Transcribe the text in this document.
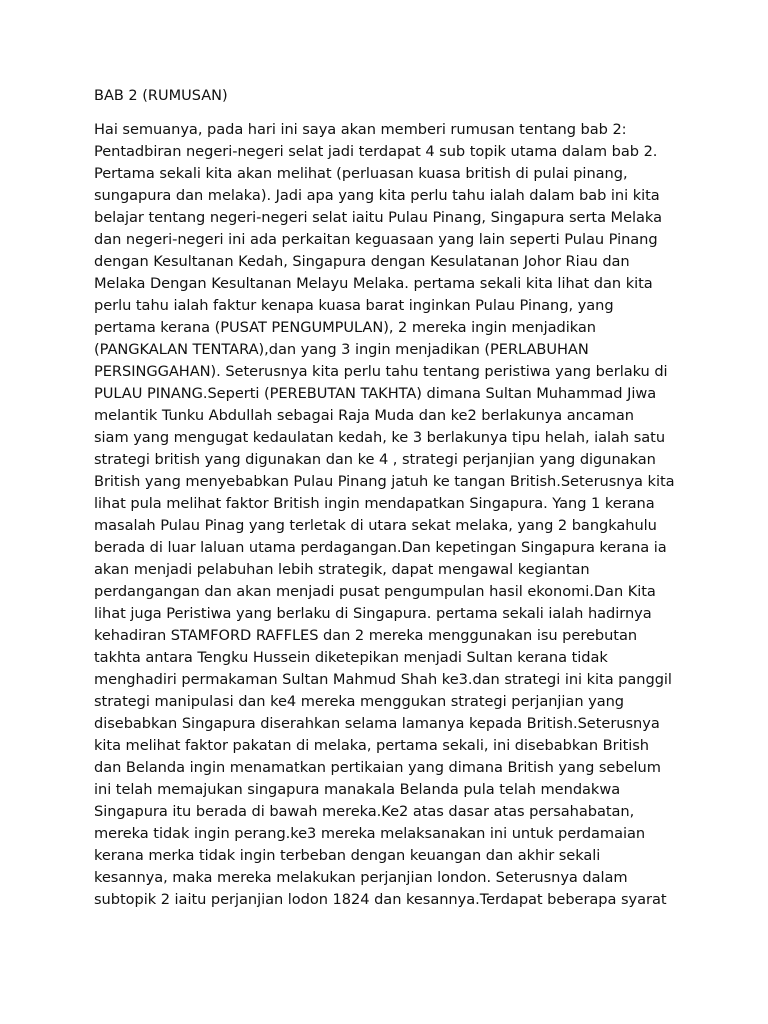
BAB 2 (RUMUSAN)
Hai semuanya, pada hari ini saya akan memberi rumusan tentang bab 2:
Pentadbiran negeri-negeri selat jadi terdapat 4 sub topik utama dalam bab 2.
Pertama sekali kita akan melihat (perluasan kuasa british di pulai pinang,
sungapura dan melaka). Jadi apa yang kita perlu tahu ialah dalam bab ini kita
belajar tentang negeri-negeri selat iaitu Pulau Pinang, Singapura serta Melaka
dan negeri-negeri ini ada perkaitan keguasaan yang lain seperti Pulau Pinang
dengan Kesultanan Kedah, Singapura dengan Kesulatanan Johor Riau dan
Melaka Dengan Kesultanan Melayu Melaka. pertama sekali kita lihat dan kita
perlu tahu ialah faktur kenapa kuasa barat inginkan Pulau Pinang, yang
pertama kerana (PUSAT PENGUMPULAN), 2 mereka ingin menjadikan
(PANGKALAN TENTARA),dan yang 3 ingin menjadikan (PERLABUHAN
PERSINGGAHAN). Seterusnya kita perlu tahu tentang peristiwa yang berlaku di
PULAU PINANG.Seperti (PEREBUTAN TAKHTA) dimana Sultan Muhammad Jiwa
melantik Tunku Abdullah sebagai Raja Muda dan ke2 berlakunya ancaman
siam yang mengugat kedaulatan kedah, ke 3 berlakunya tipu helah, ialah satu
strategi british yang digunakan dan ke 4 , strategi perjanjian yang digunakan
British yang menyebabkan Pulau Pinang jatuh ke tangan British.Seterusnya kita
lihat pula melihat faktor British ingin mendapatkan Singapura. Yang 1 kerana
masalah Pulau Pinag yang terletak di utara sekat melaka, yang 2 bangkahulu
berada di luar laluan utama perdagangan.Dan kepetingan Singapura kerana ia
akan menjadi pelabuhan lebih strategik, dapat mengawal kegiantan
perdangangan dan akan menjadi pusat pengumpulan hasil ekonomi.Dan Kita
lihat juga Peristiwa yang berlaku di Singapura. pertama sekali ialah hadirnya
kehadiran STAMFORD RAFFLES dan 2 mereka menggunakan isu perebutan
takhta antara Tengku Hussein diketepikan menjadi Sultan kerana tidak
menghadiri permakaman Sultan Mahmud Shah ke3.dan strategi ini kita panggil
strategi manipulasi dan ke4 mereka menggukan strategi perjanjian yang
disebabkan Singapura diserahkan selama lamanya kepada British.Seterusnya
kita melihat faktor pakatan di melaka, pertama sekali, ini disebabkan British
dan Belanda ingin menamatkan pertikaian yang dimana British yang sebelum
ini telah memajukan singapura manakala Belanda pula telah mendakwa
Singapura itu berada di bawah mereka.Ke2 atas dasar atas persahabatan,
mereka tidak ingin perang.ke3 mereka melaksanakan ini untuk perdamaian
kerana merka tidak ingin terbeban dengan keuangan dan akhir sekali
kesannya, maka mereka melakukan perjanjian london. Seterusnya dalam
subtopik 2 iaitu perjanjian lodon 1824 dan kesannya.Terdapat beberapa syarat
